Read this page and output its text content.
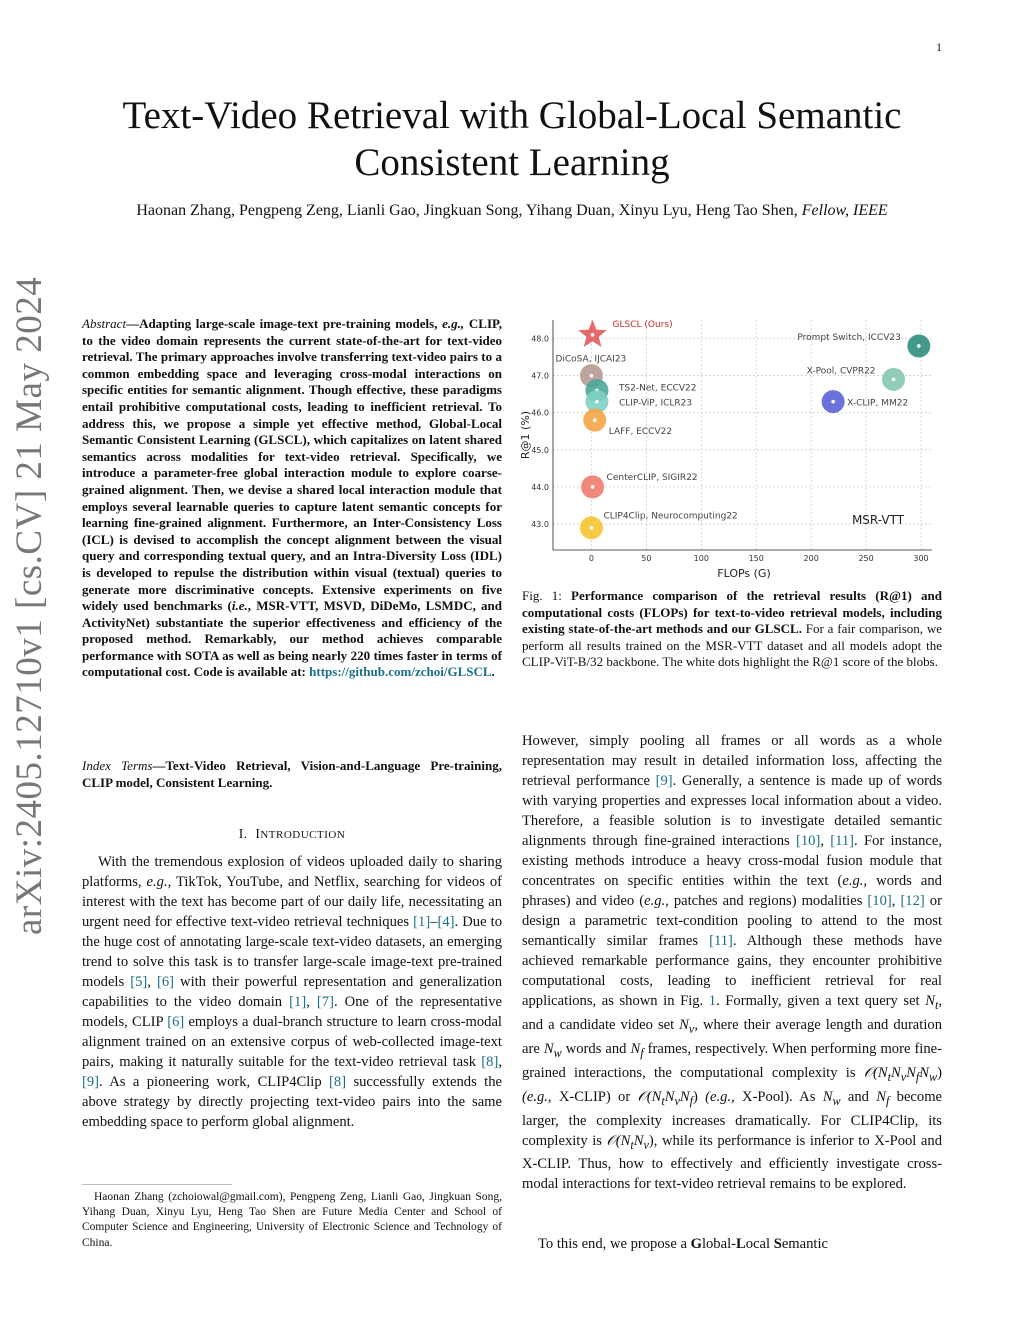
1
arXiv:2405.12710v1 [cs.CV] 21 May 2024
Text-Video Retrieval with Global-Local Semantic Consistent Learning
Haonan Zhang, Pengpeng Zeng, Lianli Gao, Jingkuan Song, Yihang Duan, Xinyu Lyu, Heng Tao Shen, Fellow, IEEE
Abstract—Adapting large-scale image-text pre-training models, e.g., CLIP, to the video domain represents the current state-of-the-art for text-video retrieval. The primary approaches involve transferring text-video pairs to a common embedding space and leveraging cross-modal interactions on specific entities for semantic alignment. Though effective, these paradigms entail prohibitive computational costs, leading to inefficient retrieval. To address this, we propose a simple yet effective method, Global-Local Semantic Consistent Learning (GLSCL), which capitalizes on latent shared semantics across modalities for text-video retrieval. Specifically, we introduce a parameter-free global interaction module to explore coarse-grained alignment. Then, we devise a shared local interaction module that employs several learnable queries to capture latent semantic concepts for learning fine-grained alignment. Furthermore, an Inter-Consistency Loss (ICL) is devised to accomplish the concept alignment between the visual query and corresponding textual query, and an Intra-Diversity Loss (IDL) is developed to repulse the distribution within visual (textual) queries to generate more discriminative concepts. Extensive experiments on five widely used benchmarks (i.e., MSR-VTT, MSVD, DiDeMo, LSMDC, and ActivityNet) substantiate the superior effectiveness and efficiency of the proposed method. Remarkably, our method achieves comparable performance with SOTA as well as being nearly 220 times faster in terms of computational cost. Code is available at: https://github.com/zchoi/GLSCL.
Index Terms—Text-Video Retrieval, Vision-and-Language Pre-training, CLIP model, Consistent Learning.
I. INTRODUCTION
With the tremendous explosion of videos uploaded daily to sharing platforms, e.g., TikTok, YouTube, and Netflix, searching for videos of interest with the text has become part of our daily life, necessitating an urgent need for effective text-video retrieval techniques [1]–[4]. Due to the huge cost of annotating large-scale text-video datasets, an emerging trend to solve this task is to transfer large-scale image-text pre-trained models [5], [6] with their powerful representation and generalization capabilities to the video domain [1], [7]. One of the representative models, CLIP [6] employs a dual-branch structure to learn cross-modal alignment trained on an extensive corpus of web-collected image-text pairs, making it naturally suitable for the text-video retrieval task [8], [9]. As a pioneering work, CLIP4Clip [8] successfully extends the above strategy by directly projecting text-video pairs into the same embedding space to perform global alignment.
Haonan Zhang (zchoiowal@gmail.com), Pengpeng Zeng, Lianli Gao, Jingkuan Song, Yihang Duan, Xinyu Lyu, Heng Tao Shen are Future Media Center and School of Computer Science and Engineering, University of Electronic Science and Technology of China.
0	50	100	150	200	250	300
43.0
44.0
45.0
46.0
47.0
48.0
GLSCL (Ours)
DiCoSA, IJCAI23
TS2-Net, ECCV22
CLIP-ViP, ICLR23
LAFF, ECCV22
CenterCLIP, SIGIR22
CLIP4Clip, Neurocomputing22
Prompt Switch, ICCV23
X-Pool, CVPR22
X-CLIP, MM22
FLOPs (G)
R@1 (%)
MSR-VTT
Fig. 1: Performance comparison of the retrieval results (R@1) and computational costs (FLOPs) for text-to-video retrieval models, including existing state-of-the-art methods and our GLSCL. For a fair comparison, we perform all results trained on the MSR-VTT dataset and all models adopt the CLIP-ViT-B/32 backbone. The white dots highlight the R@1 score of the blobs.
However, simply pooling all frames or all words as a whole representation may result in detailed information loss, affecting the retrieval performance [9]. Generally, a sentence is made up of words with varying properties and expresses local information about a video. Therefore, a feasible solution is to investigate detailed semantic alignments through fine-grained interactions [10], [11]. For instance, existing methods introduce a heavy cross-modal fusion module that concentrates on specific entities within the text (e.g., words and phrases) and video (e.g., patches and regions) modalities [10], [12] or design a parametric text-condition pooling to attend to the most semantically similar frames [11]. Although these methods have achieved remarkable performance gains, they encounter prohibitive computational costs, leading to inefficient retrieval for real applications, as shown in Fig. 1. Formally, given a text query set $N_t$, and a candidate video set $N_v$, where their average length and duration are $N_w$ words and $N_f$ frames, respectively. When performing more fine-grained interactions, the computational complexity is $𝒪(N_tN_vN_fN_w)$ (e.g., X-CLIP) or $𝒪(N_tN_vN_f)$ (e.g., X-Pool). As $N_w$ and $N_f$ become larger, the complexity increases dramatically. For CLIP4Clip, its complexity is $𝒪(N_tN_v)$, while its performance is inferior to X-Pool and X-CLIP. Thus, how to effectively and efficiently investigate cross-modal interactions for text-video retrieval remains to be explored.
To this end, we propose a Global-Local Semantic
